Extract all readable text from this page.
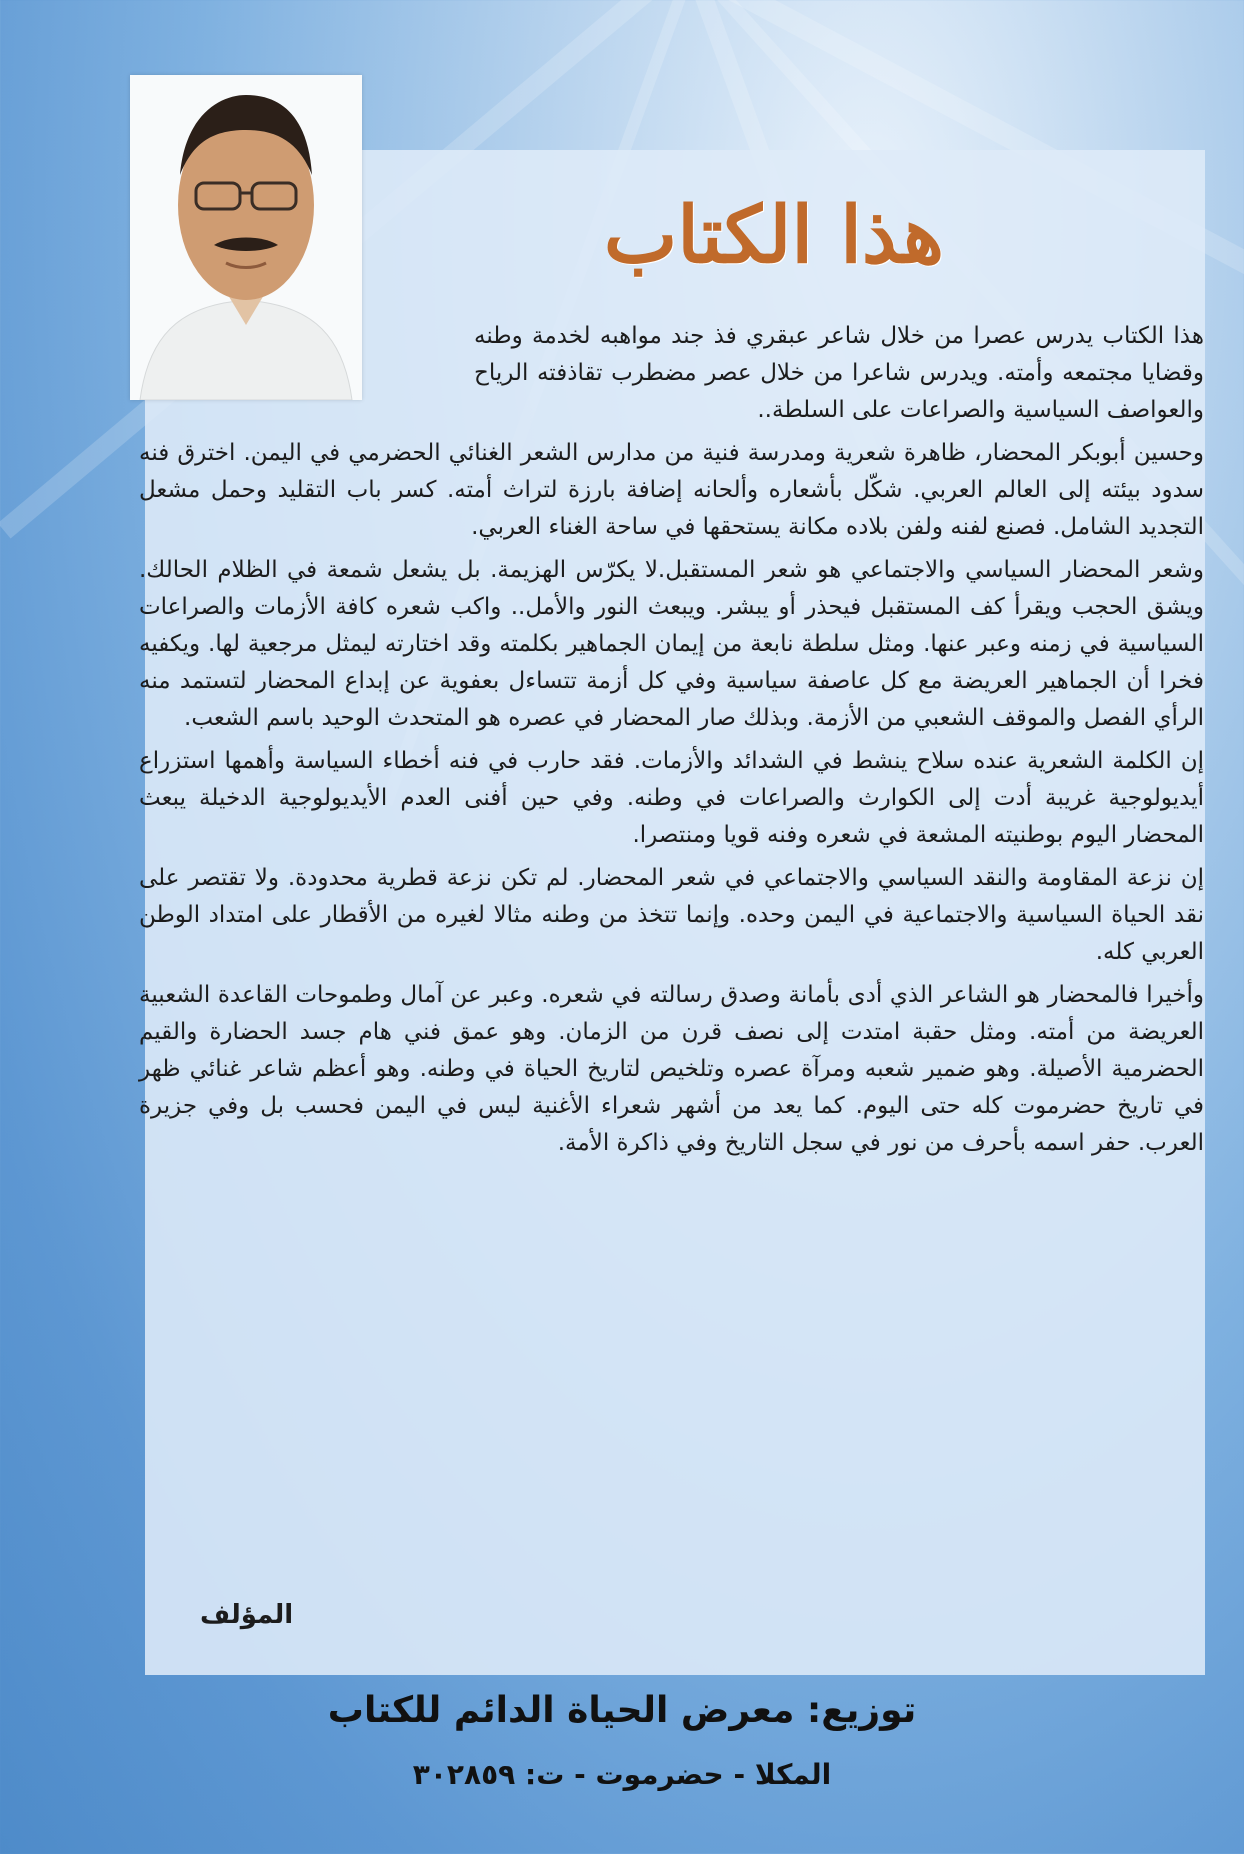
هذا الكتاب

هذا الكتاب يدرس عصرا من خلال شاعر عبقري فذ جند مواهبه لخدمة وطنه وقضايا مجتمعه وأمته. ويدرس شاعرا من خلال عصر مضطرب تقاذفته الرياح والعواصف السياسية والصراعات على السلطة..

وحسين أبوبكر المحضار، ظاهرة شعرية ومدرسة فنية من مدارس الشعر الغنائي الحضرمي في اليمن. اخترق فنه سدود بيئته إلى العالم العربي. شكّل بأشعاره وألحانه إضافة بارزة لتراث أمته. كسر باب التقليد وحمل مشعل التجديد الشامل. فصنع لفنه ولفن بلاده مكانة يستحقها في ساحة الغناء العربي.

وشعر المحضار السياسي والاجتماعي هو شعر المستقبل.لا يكرّس الهزيمة. بل يشعل شمعة في الظلام الحالك. ويشق الحجب ويقرأ كف المستقبل فيحذر أو يبشر. ويبعث النور والأمل.. واكب شعره كافة الأزمات والصراعات السياسية في زمنه وعبر عنها. ومثل سلطة نابعة من إيمان الجماهير بكلمته وقد اختارته ليمثل مرجعية لها. ويكفيه فخرا أن الجماهير العريضة مع كل عاصفة سياسية وفي كل أزمة تتساءل بعفوية عن إبداع المحضار لتستمد منه الرأي الفصل والموقف الشعبي من الأزمة. وبذلك صار المحضار في عصره هو المتحدث الوحيد باسم الشعب.

إن الكلمة الشعرية عنده سلاح ينشط في الشدائد والأزمات. فقد حارب في فنه أخطاء السياسة وأهمها استزراع أيديولوجية غريبة أدت إلى الكوارث والصراعات في وطنه. وفي حين أفنى العدم الأيديولوجية الدخيلة يبعث المحضار اليوم بوطنيته المشعة في شعره وفنه قويا ومنتصرا.

إن نزعة المقاومة والنقد السياسي والاجتماعي في شعر المحضار. لم تكن نزعة قطرية محدودة. ولا تقتصر على نقد الحياة السياسية والاجتماعية في اليمن وحده. وإنما تتخذ من وطنه مثالا لغيره من الأقطار على امتداد الوطن العربي كله.

وأخيرا فالمحضار هو الشاعر الذي أدى بأمانة وصدق رسالته في شعره. وعبر عن آمال وطموحات القاعدة الشعبية العريضة من أمته. ومثل حقبة امتدت إلى نصف قرن من الزمان. وهو عمق فني هام جسد الحضارة والقيم الحضرمية الأصيلة. وهو ضمير شعبه ومرآة عصره وتلخيص لتاريخ الحياة في وطنه. وهو أعظم شاعر غنائي ظهر في تاريخ حضرموت كله حتى اليوم. كما يعد من أشهر شعراء الأغنية ليس في اليمن فحسب بل وفي جزيرة العرب. حفر اسمه بأحرف من نور في سجل التاريخ وفي ذاكرة الأمة.

المؤلف

توزيع: معرض الحياة الدائم للكتاب
المكلا - حضرموت - ت: ٣٠٢٨٥٩
